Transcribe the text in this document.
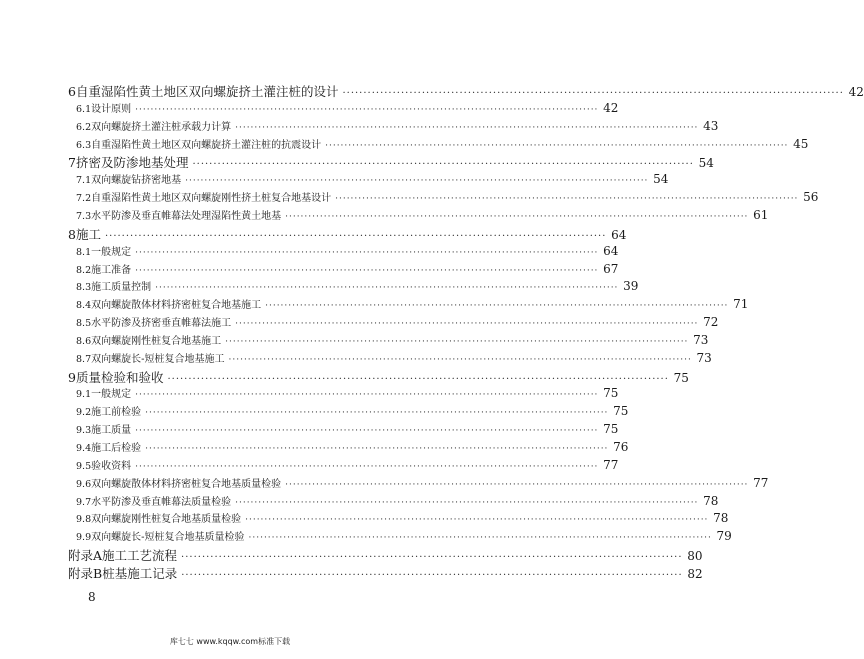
6 自重湿陷性黄土地区双向螺旋挤土灌注桩的设计 ························································································································ 42
6.1 设计原则 ························································································································ 42
6.2 双向螺旋挤土灌注桩承载力计算 ························································································································ 43
6.3 自重湿陷性黄土地区双向螺旋挤土灌注桩的抗震设计 ························································································································ 45
7 挤密及防渗地基处理 ························································································································ 54
7.1 双向螺旋钻挤密地基 ························································································································ 54
7.2 自重湿陷性黄土地区双向螺旋刚性挤土桩复合地基设计 ························································································································ 56
7.3 水平防渗及垂直帷幕法处理湿陷性黄土地基 ························································································································ 61
8 施工 ························································································································ 64
8.1 一般规定 ························································································································ 64
8.2 施工准备 ························································································································ 67
8.3 施工质量控制 ························································································································ 39
8.4 双向螺旋散体材料挤密桩复合地基施工 ························································································································ 71
8.5 水平防渗及挤密垂直帷幕法施工 ························································································································ 72
8.6 双向螺旋刚性桩复合地基施工 ························································································································ 73
8.7 双向螺旋长-短桩复合地基施工 ························································································································ 73
9 质量检验和验收 ························································································································ 75
9.1 一般规定 ························································································································ 75
9.2 施工前检验 ························································································································ 75
9.3 施工质量 ························································································································ 75
9.4 施工后检验 ························································································································ 76
9.5 验收资料 ························································································································ 77
9.6 双向螺旋散体材料挤密桩复合地基质量检验 ························································································································ 77
9.7 水平防渗及垂直帷幕法质量检验 ························································································································ 78
9.8 双向螺旋刚性桩复合地基质量检验 ························································································································ 78
9.9 双向螺旋长-短桩复合地基质量检验 ························································································································ 79
附录A 施工工艺流程 ························································································································ 80
附录B 桩基施工记录 ························································································································ 82
8
库七七 www.kqqw.com标准下载
